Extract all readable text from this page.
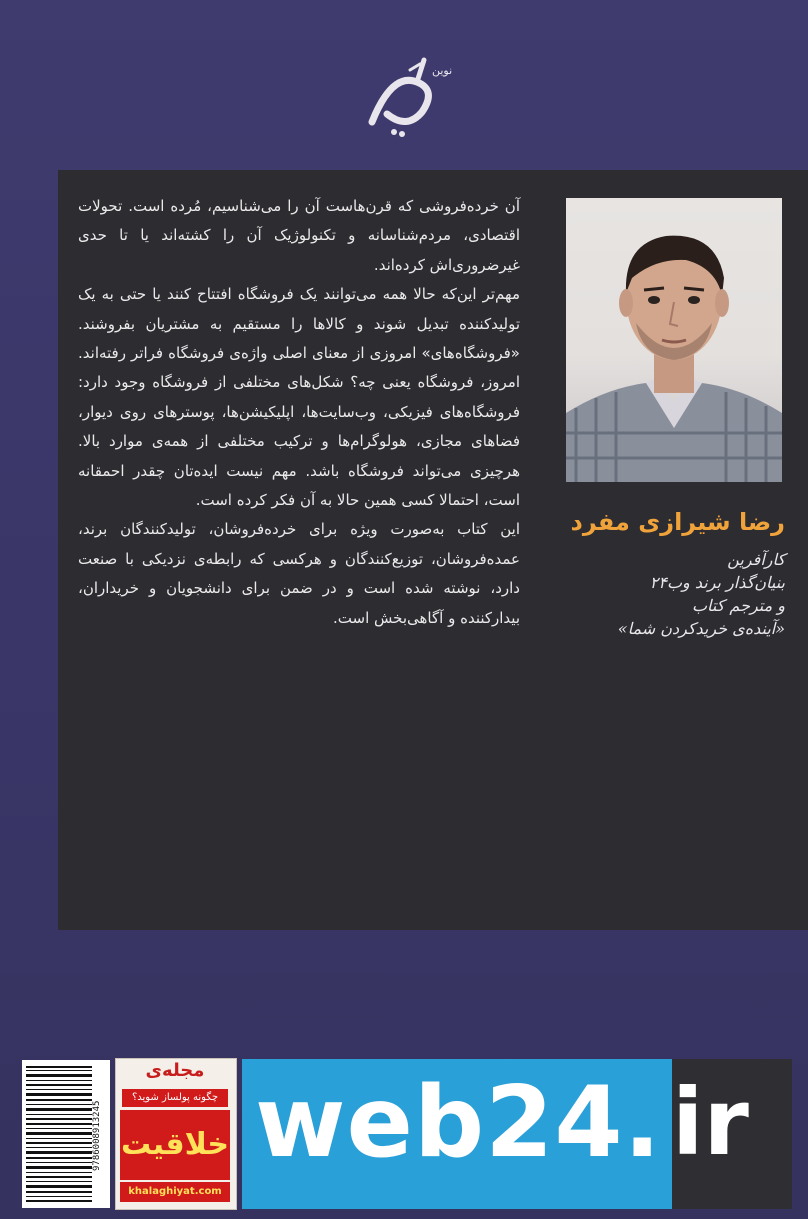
نوین
رضا شیرازی مفرد
کارآفرین
بنیان‌گذار برند وب۲۴
و مترجم کتاب
«آینده‌ی خریدکردن شما»
آن خرده‌فروشی که قرن‌هاست آن را می‌شناسیم، مُرده است. تحولات اقتصادی، مردم‌شناسانه و تکنولوژیک آن را کشته‌اند یا تا حدی غیرضروری‌اش کرده‌اند.
مهم‌تر این‌که حالا همه می‌توانند یک فروشگاه افتتاح کنند یا حتی به یک تولیدکننده تبدیل شوند و کالاها را مستقیم به مشتریان بفروشند. «فروشگاه‌های» امروزی از معنای اصلی واژه‌ی فروشگاه فراتر رفته‌اند. امروز، فروشگاه یعنی چه؟ شکل‌های مختلفی از فروشگاه وجود دارد: فروشگاه‌های فیزیکی، وب‌سایت‌ها، اپلیکیشن‌ها، پوسترهای روی دیوار، فضاهای مجازی، هولوگرام‌ها و ترکیب مختلفی از همه‌ی موارد بالا. هرچیزی می‌تواند فروشگاه باشد. مهم نیست ایده‌تان چقدر احمقانه است، احتمالا کسی همین حالا به آن فکر کرده است.
این کتاب به‌صورت ویژه برای خرده‌فروشان، تولیدکنندگان برند، عمده‌فروشان، توزیع‌کنندگان و هرکسی که رابطه‌ی نزدیکی با صنعت دارد، نوشته شده است و در ضمن برای دانشجویان و خریداران، بیدارکننده و آگاهی‌بخش است.
9786008913245
مجله‌ی
چگونه پولساز شوید؟
خلاقیت
khalaghiyat.com
web24. ir
